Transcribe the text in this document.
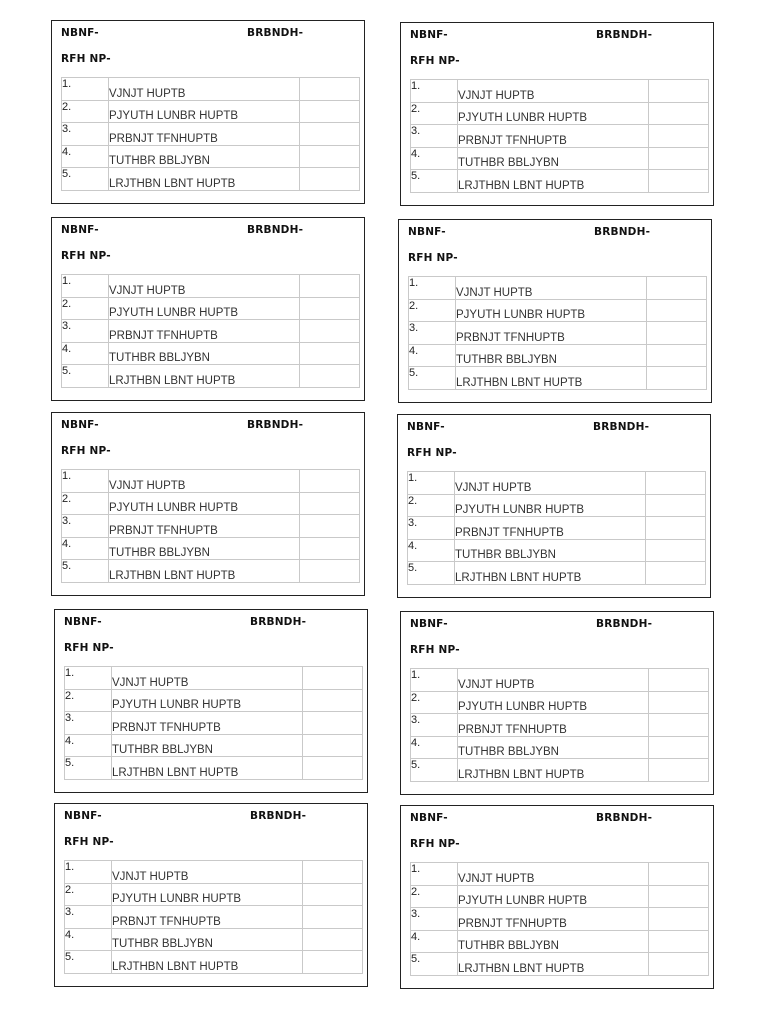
NBNF-	BRBNDH-
RFH NP-
1.	VJNJT HUPTB	
2.	PJYUTH LUNBR HUPTB	
3.	PRBNJT TFNHUPTB	
4.	TUTHBR BBLJYBN	
5.	LRJTHBN LBNT HUPTB	
NBNF-	BRBNDH-
RFH NP-
1.	VJNJT HUPTB	
2.	PJYUTH LUNBR HUPTB	
3.	PRBNJT TFNHUPTB	
4.	TUTHBR BBLJYBN	
5.	LRJTHBN LBNT HUPTB	
NBNF-	BRBNDH-
RFH NP-
1.	VJNJT HUPTB	
2.	PJYUTH LUNBR HUPTB	
3.	PRBNJT TFNHUPTB	
4.	TUTHBR BBLJYBN	
5.	LRJTHBN LBNT HUPTB	
NBNF-	BRBNDH-
RFH NP-
1.	VJNJT HUPTB	
2.	PJYUTH LUNBR HUPTB	
3.	PRBNJT TFNHUPTB	
4.	TUTHBR BBLJYBN	
5.	LRJTHBN LBNT HUPTB	
NBNF-	BRBNDH-
RFH NP-
1.	VJNJT HUPTB	
2.	PJYUTH LUNBR HUPTB	
3.	PRBNJT TFNHUPTB	
4.	TUTHBR BBLJYBN	
5.	LRJTHBN LBNT HUPTB	
NBNF-	BRBNDH-
RFH NP-
1.	VJNJT HUPTB	
2.	PJYUTH LUNBR HUPTB	
3.	PRBNJT TFNHUPTB	
4.	TUTHBR BBLJYBN	
5.	LRJTHBN LBNT HUPTB	
NBNF-	BRBNDH-
RFH NP-
1.	VJNJT HUPTB	
2.	PJYUTH LUNBR HUPTB	
3.	PRBNJT TFNHUPTB	
4.	TUTHBR BBLJYBN	
5.	LRJTHBN LBNT HUPTB	
NBNF-	BRBNDH-
RFH NP-
1.	VJNJT HUPTB	
2.	PJYUTH LUNBR HUPTB	
3.	PRBNJT TFNHUPTB	
4.	TUTHBR BBLJYBN	
5.	LRJTHBN LBNT HUPTB	
NBNF-	BRBNDH-
RFH NP-
1.	VJNJT HUPTB	
2.	PJYUTH LUNBR HUPTB	
3.	PRBNJT TFNHUPTB	
4.	TUTHBR BBLJYBN	
5.	LRJTHBN LBNT HUPTB	
NBNF-	BRBNDH-
RFH NP-
1.	VJNJT HUPTB	
2.	PJYUTH LUNBR HUPTB	
3.	PRBNJT TFNHUPTB	
4.	TUTHBR BBLJYBN	
5.	LRJTHBN LBNT HUPTB	
